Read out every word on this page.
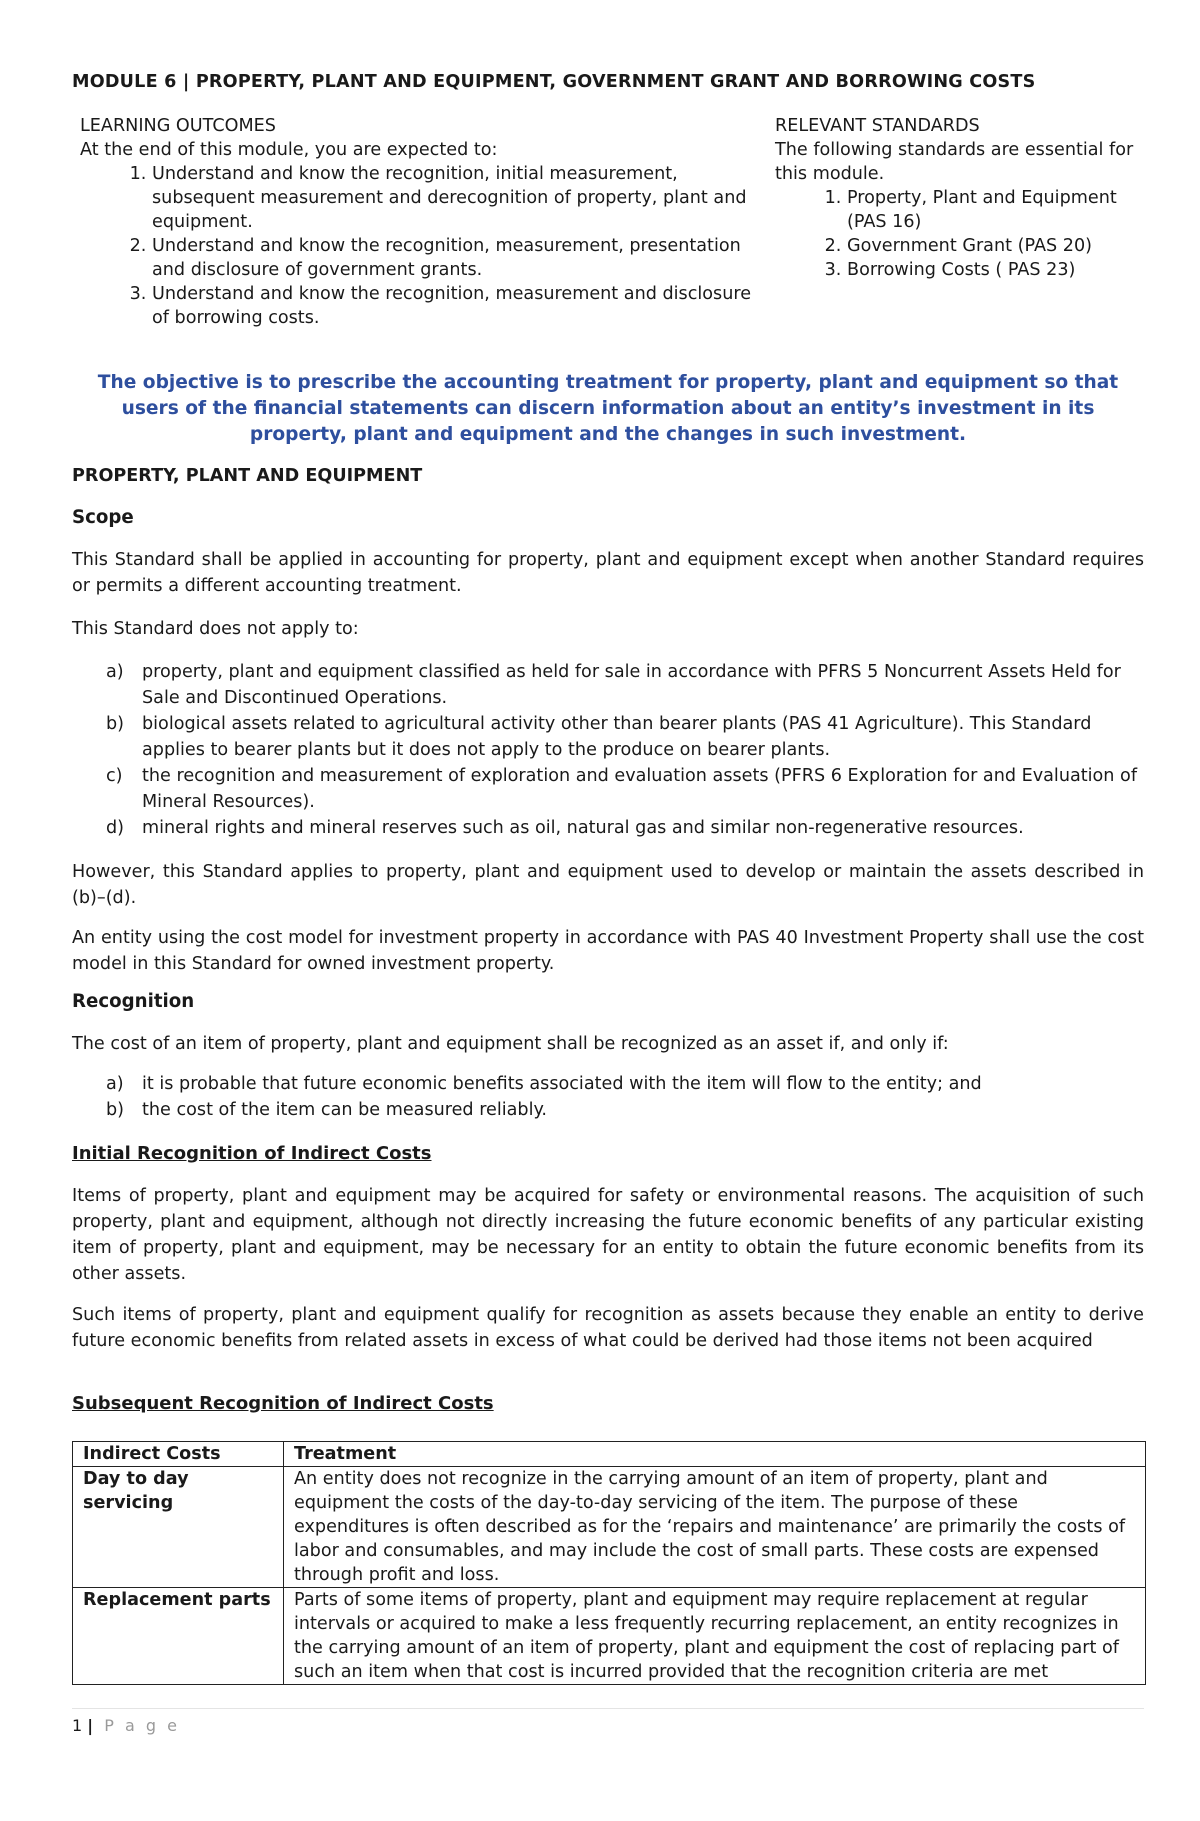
MODULE 6 | PROPERTY, PLANT AND EQUIPMENT, GOVERNMENT GRANT AND BORROWING COSTS
LEARNING OUTCOMES
At the end of this module, you are expected to:
1. Understand and know the recognition, initial measurement, subsequent measurement and derecognition of property, plant and equipment.
2. Understand and know the recognition, measurement, presentation and disclosure of government grants.
3. Understand and know the recognition, measurement and disclosure of borrowing costs.
RELEVANT STANDARDS
The following standards are essential for this module.
1. Property, Plant and Equipment (PAS 16)
2. Government Grant (PAS 20)
3. Borrowing Costs ( PAS 23)
The objective is to prescribe the accounting treatment for property, plant and equipment so that users of the financial statements can discern information about an entity’s investment in its property, plant and equipment and the changes in such investment.
PROPERTY, PLANT AND EQUIPMENT
Scope
This Standard shall be applied in accounting for property, plant and equipment except when another Standard requires or permits a different accounting treatment.
This Standard does not apply to:
a) property, plant and equipment classified as held for sale in accordance with PFRS 5 Noncurrent Assets Held for Sale and Discontinued Operations.
b) biological assets related to agricultural activity other than bearer plants (PAS 41 Agriculture). This Standard applies to bearer plants but it does not apply to the produce on bearer plants.
c) the recognition and measurement of exploration and evaluation assets (PFRS 6 Exploration for and Evaluation of Mineral Resources).
d) mineral rights and mineral reserves such as oil, natural gas and similar non-regenerative resources.
However, this Standard applies to property, plant and equipment used to develop or maintain the assets described in (b)–(d).
An entity using the cost model for investment property in accordance with PAS 40 Investment Property shall use the cost model in this Standard for owned investment property.
Recognition
The cost of an item of property, plant and equipment shall be recognized as an asset if, and only if:
a) it is probable that future economic benefits associated with the item will flow to the entity; and
b) the cost of the item can be measured reliably.
Initial Recognition of Indirect Costs
Items of property, plant and equipment may be acquired for safety or environmental reasons. The acquisition of such property, plant and equipment, although not directly increasing the future economic benefits of any particular existing item of property, plant and equipment, may be necessary for an entity to obtain the future economic benefits from its other assets.
Such items of property, plant and equipment qualify for recognition as assets because they enable an entity to derive future economic benefits from related assets in excess of what could be derived had those items not been acquired
Subsequent Recognition of Indirect Costs
Indirect Costs	Treatment
Day to day servicing	An entity does not recognize in the carrying amount of an item of property, plant and equipment the costs of the day-to-day servicing of the item. The purpose of these expenditures is often described as for the ‘repairs and maintenance’ are primarily the costs of labor and consumables, and may include the cost of small parts. These costs are expensed through profit and loss.
Replacement parts	Parts of some items of property, plant and equipment may require replacement at regular intervals or acquired to make a less frequently recurring replacement, an entity recognizes in the carrying amount of an item of property, plant and equipment the cost of replacing part of such an item when that cost is incurred provided that the recognition criteria are met
1 | P a g e
